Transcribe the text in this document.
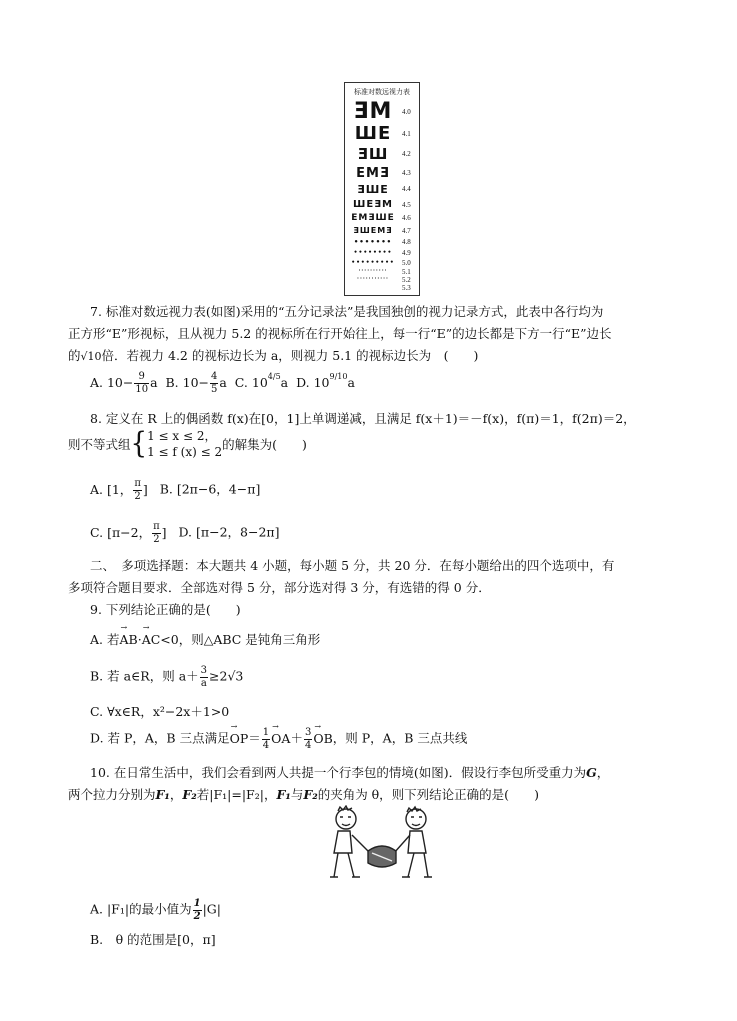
标准对数远视力表
ƎM	4.0
ШE	4.1
ƎШ	4.2
EMƎ	4.3
ƎШE	4.4
ШEƎM	4.5
EMƎШE	4.6
ƎШEMƎ	4.7
•••••••	4.8
••••••••	4.9
•••••••••	5.0
··········	5.1
···········	5.2
5.3
7. 标准对数远视力表(如图)采用的“五分记录法”是我国独创的视力记录方式，此表中各行均为
正方形“E”形视标，且从视力 5.2 的视标所在行开始往上，每一行“E”的边长都是下方一行“E”边长
的√10倍．若视力 4.2 的视标边长为 a，则视力 5.1 的视标边长为　(　　)
A. $10- \frac{9}{10}$ a B. $10- \frac{4}{5}$ a C. $10^{4/5}a$ D. $10^{9/10}a$
8. 定义在 R 上的偶函数 f(x)在[0，1]上单调递减，且满足 f(x＋1)＝－f(x)，f(π)＝1，f(2π)＝2，
则不等式组{ 1 ≤ x ≤ 2，
1 ≤ f (x) ≤ 2 的解集为(　　)
A. [1， $\frac{\pi}{2}$ ] B. [2π−6，4−π]
C. [π−2， $\frac{\pi}{2}$ ] D. [π−2，8−2π]
二、　多项选择题：本大题共 4 小题，每小题 5 分，共 20 分．在每小题给出的四个选项中，有
多项符合题目要求．全部选对得 5 分，部分选对得 3 分，有选错的得 0 分．
9. 下列结论正确的是(　　)
A. 若→ AB·→ AC<0，则△ABC 是钝角三角形
B. 若 a∈R，则 $a+ \frac{3}{a} \ge 2√3$
C. ∀x∈R，x²−2x＋1>0
D. 若 P，A，B 三点满足→ $OP= \frac{1}{4}$
→ $OA+ \frac{3}{4}$
→ OB，则 P，A，B 三点共线
10. 在日常生活中，我们会看到两人共提一个行李包的情境(如图)．假设行李包所受重力为G，
两个拉力分别为F₁，F₂若|F₁|=|F₂|，F₁与F₂的夹角为 θ，则下列结论正确的是(　　)
A. |F₁|的最小值为 $\frac{1}{2} |G|$
B.　θ 的范围是[0，π]
